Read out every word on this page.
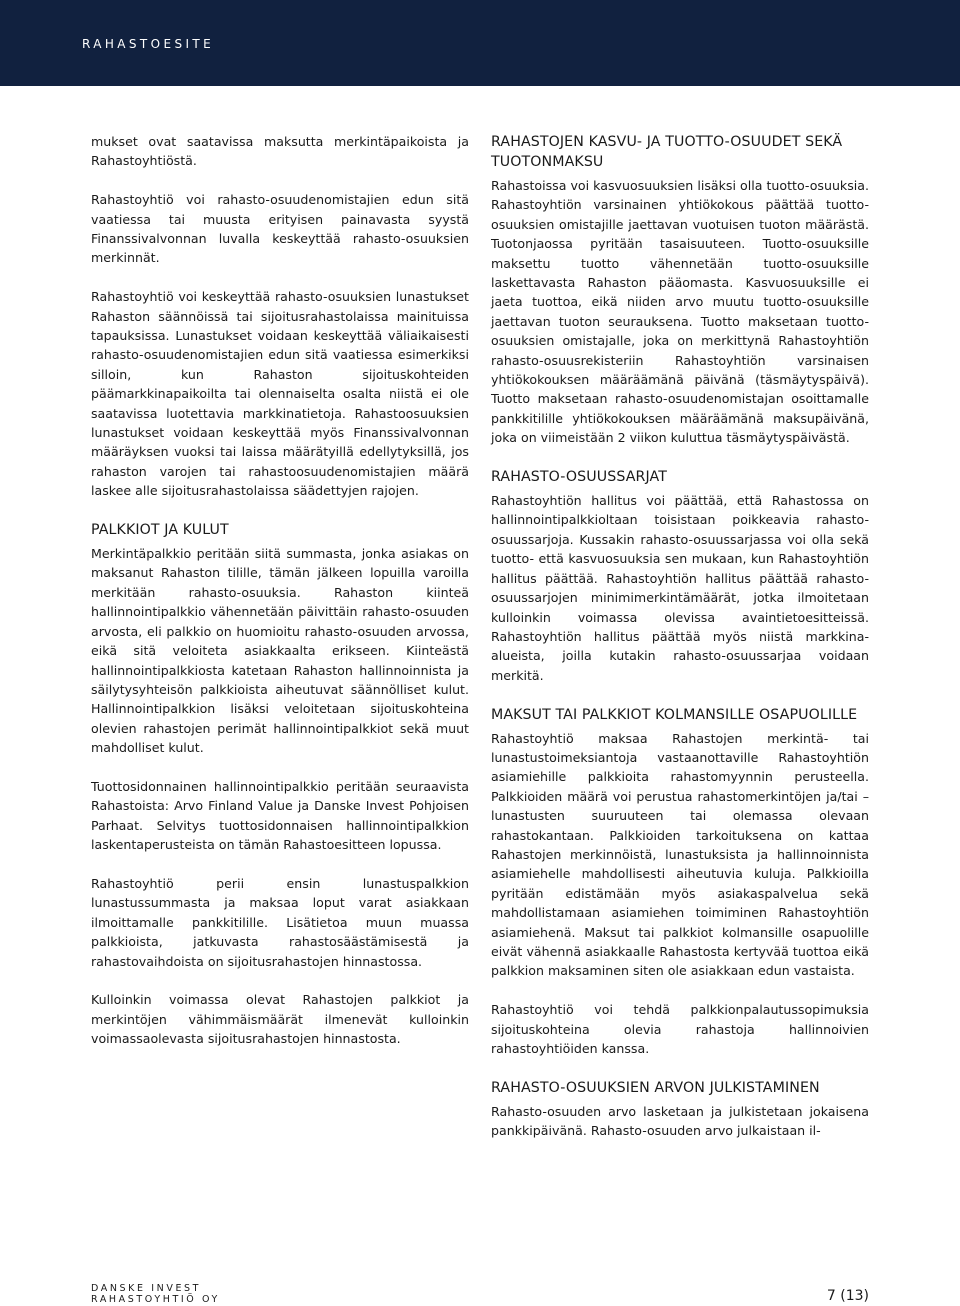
RAHASTOESITE

mukset ovat saatavissa maksutta merkintäpaikoista ja Rahastoyhtiöstä.

Rahastoyhtiö voi rahasto-osuudenomistajien edun sitä vaatiessa tai muusta erityisen painavasta syystä Finanssivalvonnan luvalla keskeyttää rahasto-osuuksien merkinnät.

Rahastoyhtiö voi keskeyttää rahasto-osuuksien lunastukset Rahaston säännöissä tai sijoitusrahastolaissa mainituissa tapauksissa. Lunastukset voidaan keskeyttää väliaikaisesti rahasto-osuudenomistajien edun sitä vaatiessa esimerkiksi silloin, kun Rahaston sijoituskohteiden päämarkkinapaikoilta tai olennaiselta osalta niistä ei ole saatavissa luotettavia markkinatietoja. Rahastoosuuksien lunastukset voidaan keskeyttää myös Finanssivalvonnan määräyksen vuoksi tai laissa määrätyillä edellytyksillä, jos rahaston varojen tai rahastoosuudenomistajien määrä laskee alle sijoitusrahastolaissa säädettyjen rajojen.

PALKKIOT JA KULUT

Merkintäpalkkio peritään siitä summasta, jonka asiakas on maksanut Rahaston tilille, tämän jälkeen lopuilla varoilla merkitään rahasto-osuuksia. Rahaston kiinteä hallinnointipalkkio vähennetään päivittäin rahasto-osuuden arvosta, eli palkkio on huomioitu rahasto-osuuden arvossa, eikä sitä veloiteta asiakkaalta erikseen. Kiinteästä hallinnointipalkkiosta katetaan Rahaston hallinnoinnista ja säilytysyhteisön palkkioista aiheutuvat säännölliset kulut. Hallinnointipalkkion lisäksi veloitetaan sijoituskohteina olevien rahastojen perimät hallinnointipalkkiot sekä muut mahdolliset kulut.

Tuottosidonnainen hallinnointipalkkio peritään seuraavista Rahastoista: Arvo Finland Value ja Danske Invest Pohjoisen Parhaat. Selvitys tuottosidonnaisen hallinnointipalkkion laskentaperusteista on tämän Rahastoesitteen lopussa.

Rahastoyhtiö perii ensin lunastuspalkkion lunastussummasta ja maksaa loput varat asiakkaan ilmoittamalle pankkitilille. Lisätietoa muun muassa palkkioista, jatkuvasta rahastosäästämisestä ja rahastovaihdoista on sijoitusrahastojen hinnastossa.

Kulloinkin voimassa olevat Rahastojen palkkiot ja merkintöjen vähimmäismäärät ilmenevät kulloinkin voimassaolevasta sijoitusrahastojen hinnastosta.

RAHASTOJEN KASVU- JA TUOTTO-OSUUDET SEKÄ TUOTONMAKSU

Rahastoissa voi kasvuosuuksien lisäksi olla tuotto-osuuksia. Rahastoyhtiön varsinainen yhtiökokous päättää tuotto-osuuksien omistajille jaettavan vuotuisen tuoton määrästä. Tuotonjaossa pyritään tasaisuuteen. Tuotto-osuuksille maksettu tuotto vähennetään tuotto-osuuksille laskettavasta Rahaston pääomasta. Kasvuosuuksille ei jaeta tuottoa, eikä niiden arvo muutu tuotto-osuuksille jaettavan tuoton seurauksena. Tuotto maksetaan tuotto-osuuksien omistajalle, joka on merkittynä Rahastoyhtiön rahasto-osuusrekisteriin Rahastoyhtiön varsinaisen yhtiökokouksen määräämänä päivänä (täsmäytyspäivä). Tuotto maksetaan rahasto-osuudenomistajan osoittamalle pankkitilille yhtiökokouksen määräämänä maksupäivänä, joka on viimeistään 2 viikon kuluttua täsmäytyspäivästä.

RAHASTO-OSUUSSARJAT

Rahastoyhtiön hallitus voi päättää, että Rahastossa on hallinnointipalkkioltaan toisistaan poikkeavia rahasto-osuussarjoja. Kussakin rahasto-osuussarjassa voi olla sekä tuotto- että kasvuosuuksia sen mukaan, kun Rahastoyhtiön hallitus päättää. Rahastoyhtiön hallitus päättää rahasto-osuussarjojen minimimerkintämäärät, jotka ilmoitetaan kulloinkin voimassa olevissa avaintietoesitteissä. Rahastoyhtiön hallitus päättää myös niistä markkina-alueista, joilla kutakin rahasto-osuussarjaa voidaan merkitä.

MAKSUT TAI PALKKIOT KOLMANSILLE OSAPUOLILLE

Rahastoyhtiö maksaa Rahastojen merkintä- tai lunastustoimeksiantoja vastaanottaville Rahastoyhtiön asiamiehille palkkioita rahastomyynnin perusteella. Palkkioiden määrä voi perustua rahastomerkintöjen ja/tai –lunastusten suuruuteen tai olemassa olevaan rahastokantaan. Palkkioiden tarkoituksena on kattaa Rahastojen merkinnöistä, lunastuksista ja hallinnoinnista asiamiehelle mahdollisesti aiheutuvia kuluja. Palkkioilla pyritään edistämään myös asiakaspalvelua sekä mahdollistamaan asiamiehen toimiminen Rahastoyhtiön asiamiehenä. Maksut tai palkkiot kolmansille osapuolille eivät vähennä asiakkaalle Rahastosta kertyvää tuottoa eikä palkkion maksaminen siten ole asiakkaan edun vastaista.

Rahastoyhtiö voi tehdä palkkionpalautussopimuksia sijoituskohteina olevia rahastoja hallinnoivien rahastoyhtiöiden kanssa.

RAHASTO-OSUUKSIEN ARVON JULKISTAMINEN

Rahasto-osuuden arvo lasketaan ja julkistetaan jokaisena pankkipäivänä. Rahasto-osuuden arvo julkaistaan il-

DANSKE INVEST
RAHASTOYHTIÖ OY	7 (13)
